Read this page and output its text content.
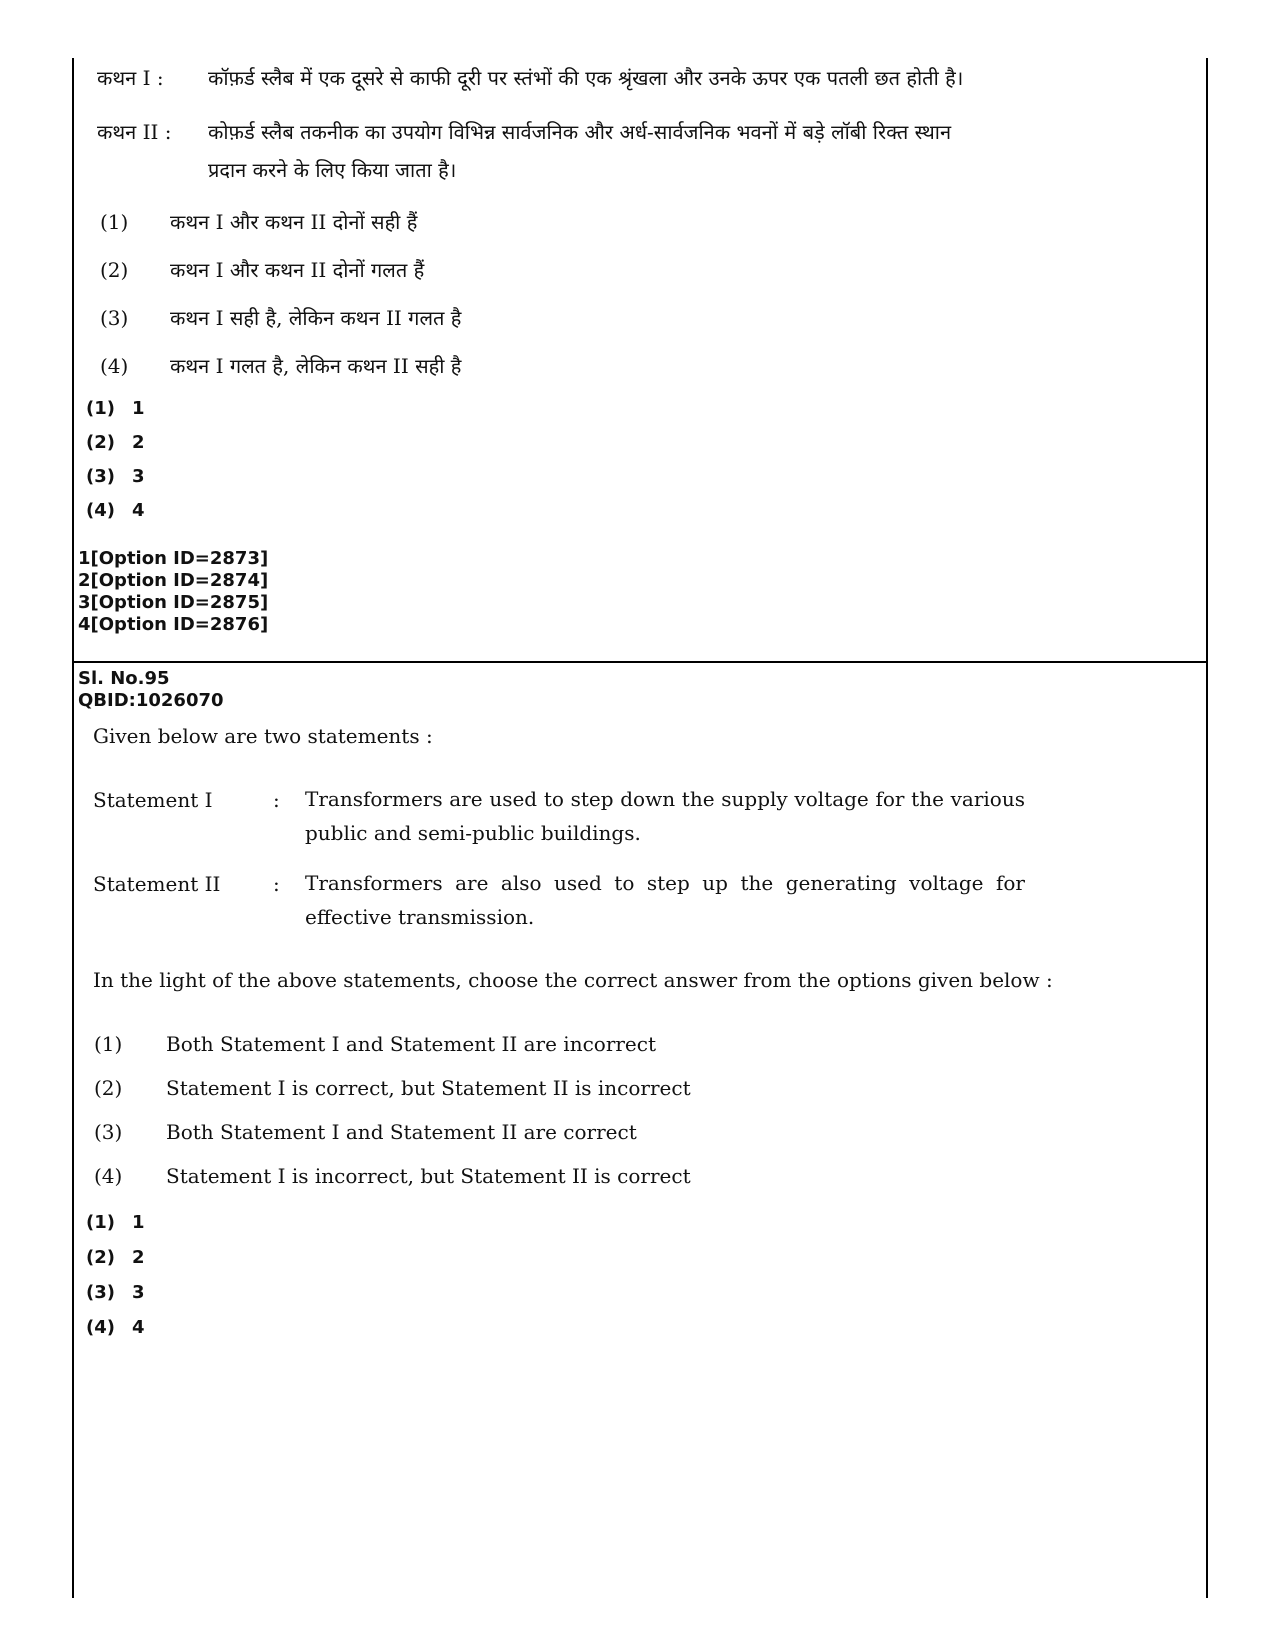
कथन I : कॉफ़र्ड स्लैब में एक दूसरे से काफी दूरी पर स्तंभों की एक श्रृंखला और उनके ऊपर एक पतली छत होती है।
कथन II : कोफ़र्ड स्लैब तकनीक का उपयोग विभिन्न सार्वजनिक और अर्ध-सार्वजनिक भवनों में बड़े लॉबी रिक्त स्थान
प्रदान करने के लिए किया जाता है।
(1) कथन I और कथन II दोनों सही हैं
(2) कथन I और कथन II दोनों गलत हैं
(3) कथन I सही है, लेकिन कथन II गलत है
(4) कथन I गलत है, लेकिन कथन II सही है
(1) 1
(2) 2
(3) 3
(4) 4
1[Option ID=2873]
2[Option ID=2874]
3[Option ID=2875]
4[Option ID=2876]
Sl. No.95
QBID:1026070
Given below are two statements :
Statement I	: Transformers are used to step down the supply voltage for the various public and semi-public buildings.
Statement II	: Transformers are also used to step up the generating voltage for effective transmission.
In the light of the above statements, choose the correct answer from the options given below :
(1) Both Statement I and Statement II are incorrect
(2) Statement I is correct, but Statement II is incorrect
(3) Both Statement I and Statement II are correct
(4) Statement I is incorrect, but Statement II is correct
(1) 1
(2) 2
(3) 3
(4) 4
